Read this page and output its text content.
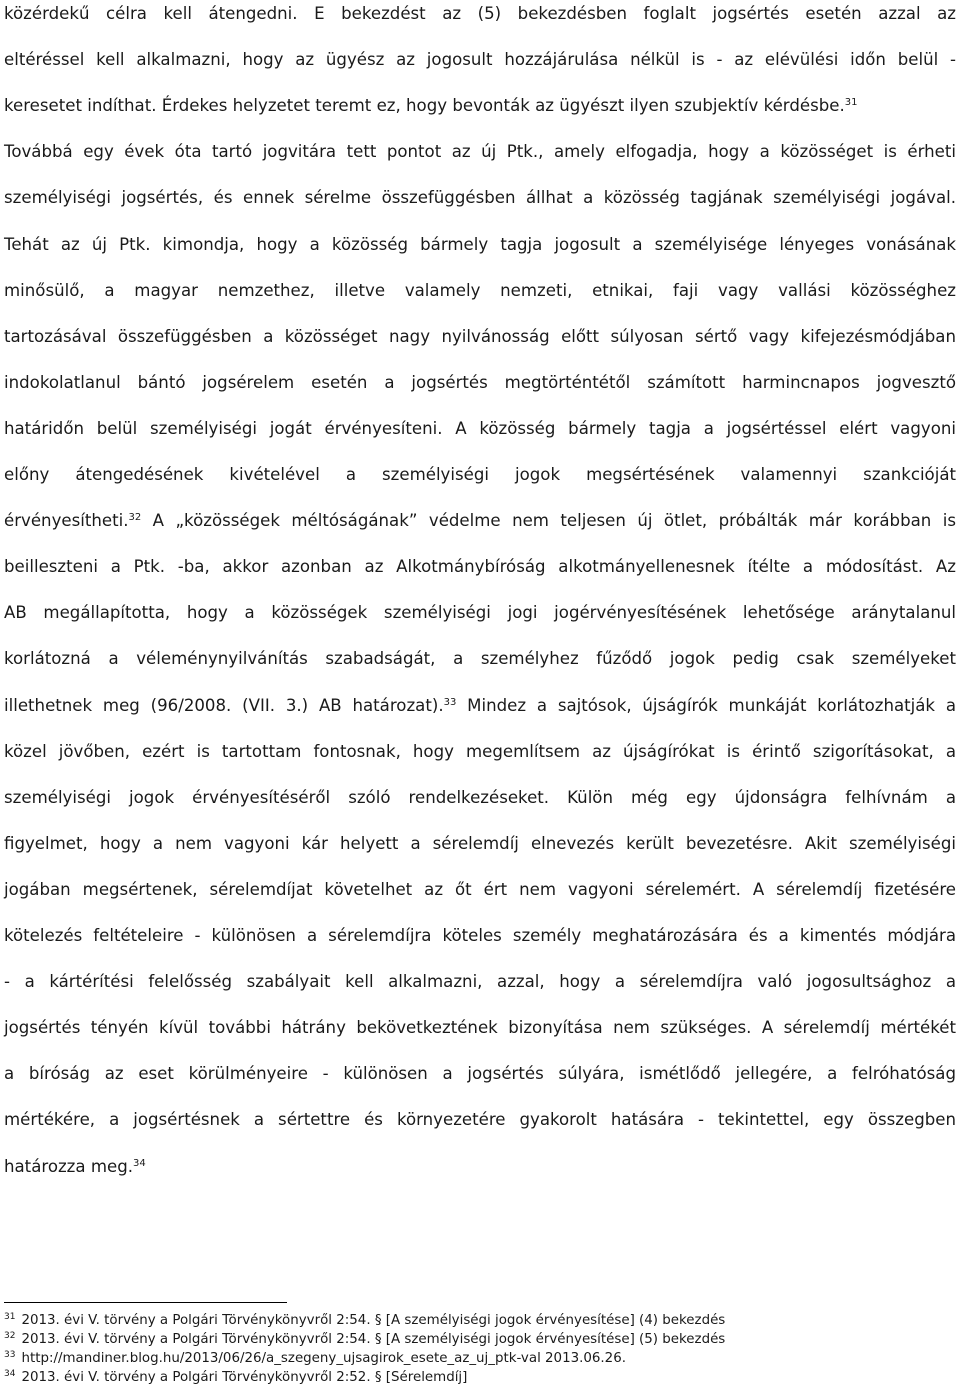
közérdekű célra kell átengedni. E bekezdést az (5) bekezdésben foglalt jogsértés esetén azzal az
eltéréssel kell alkalmazni, hogy az ügyész az jogosult hozzájárulása nélkül is - az elévülési időn belül -
keresetet indíthat. Érdekes helyzetet teremt ez, hogy bevonták az ügyészt ilyen szubjektív kérdésbe.$^{31}$
Továbbá egy évek óta tartó jogvitára tett pontot az új Ptk., amely elfogadja, hogy a közösséget is érheti
személyiségi jogsértés, és ennek sérelme összefüggésben állhat a közösség tagjának személyiségi jogával.
Tehát az új Ptk. kimondja, hogy a közösség bármely tagja jogosult a személyisége lényeges vonásának
minősülő, a magyar nemzethez, illetve valamely nemzeti, etnikai, faji vagy vallási közösséghez
tartozásával összefüggésben a közösséget nagy nyilvánosság előtt súlyosan sértő vagy kifejezésmódjában
indokolatlanul bántó jogsérelem esetén a jogsértés megtörténtétől számított harmincnapos jogvesztő
határidőn belül személyiségi jogát érvényesíteni. A közösség bármely tagja a jogsértéssel elért vagyoni
előny átengedésének kivételével a személyiségi jogok megsértésének valamennyi szankcióját
érvényesítheti.$^{32}$ A „közösségek méltóságának” védelme nem teljesen új ötlet, próbálták már korábban is
beilleszteni a Ptk. -ba, akkor azonban az Alkotmánybíróság alkotmányellenesnek ítélte a módosítást. Az
AB megállapította, hogy a közösségek személyiségi jogi jogérvényesítésének lehetősége aránytalanul
korlátozná a véleménynyilvánítás szabadságát, a személyhez fűződő jogok pedig csak személyeket
illethetnek meg (96/2008. (VII. 3.) AB határozat).$^{33}$ Mindez a sajtósok, újságírók munkáját korlátozhatják a
közel jövőben, ezért is tartottam fontosnak, hogy megemlítsem az újságírókat is érintő szigorításokat, a
személyiségi jogok érvényesítéséről szóló rendelkezéseket. Külön még egy újdonságra felhívnám a
figyelmet, hogy a nem vagyoni kár helyett a sérelemdíj elnevezés került bevezetésre. Akit személyiségi
jogában megsértenek, sérelemdíjat követelhet az őt ért nem vagyoni sérelemért. A sérelemdíj fizetésére
kötelezés feltételeire - különösen a sérelemdíjra köteles személy meghatározására és a kimentés módjára
- a kártérítési felelősség szabályait kell alkalmazni, azzal, hogy a sérelemdíjra való jogosultsághoz a
jogsértés tényén kívül további hátrány bekövetkeztének bizonyítása nem szükséges. A sérelemdíj mértékét
a bíróság az eset körülményeire - különösen a jogsértés súlyára, ismétlődő jellegére, a felróhatóság
mértékére, a jogsértésnek a sértettre és környezetére gyakorolt hatására - tekintettel, egy összegben
határozza meg.$^{34}$
$^{31}$ 2013. évi V. törvény a Polgári Törvénykönyvről 2:54. § [A személyiségi jogok érvényesítése] (4) bekezdés
$^{32}$ 2013. évi V. törvény a Polgári Törvénykönyvről 2:54. § [A személyiségi jogok érvényesítése] (5) bekezdés
$^{33}$ http://mandiner.blog.hu/2013/06/26/a_szegeny_ujsagirok_esete_az_uj_ptk-val 2013.06.26.
$^{34}$ 2013. évi V. törvény a Polgári Törvénykönyvről 2:52. § [Sérelemdíj]
